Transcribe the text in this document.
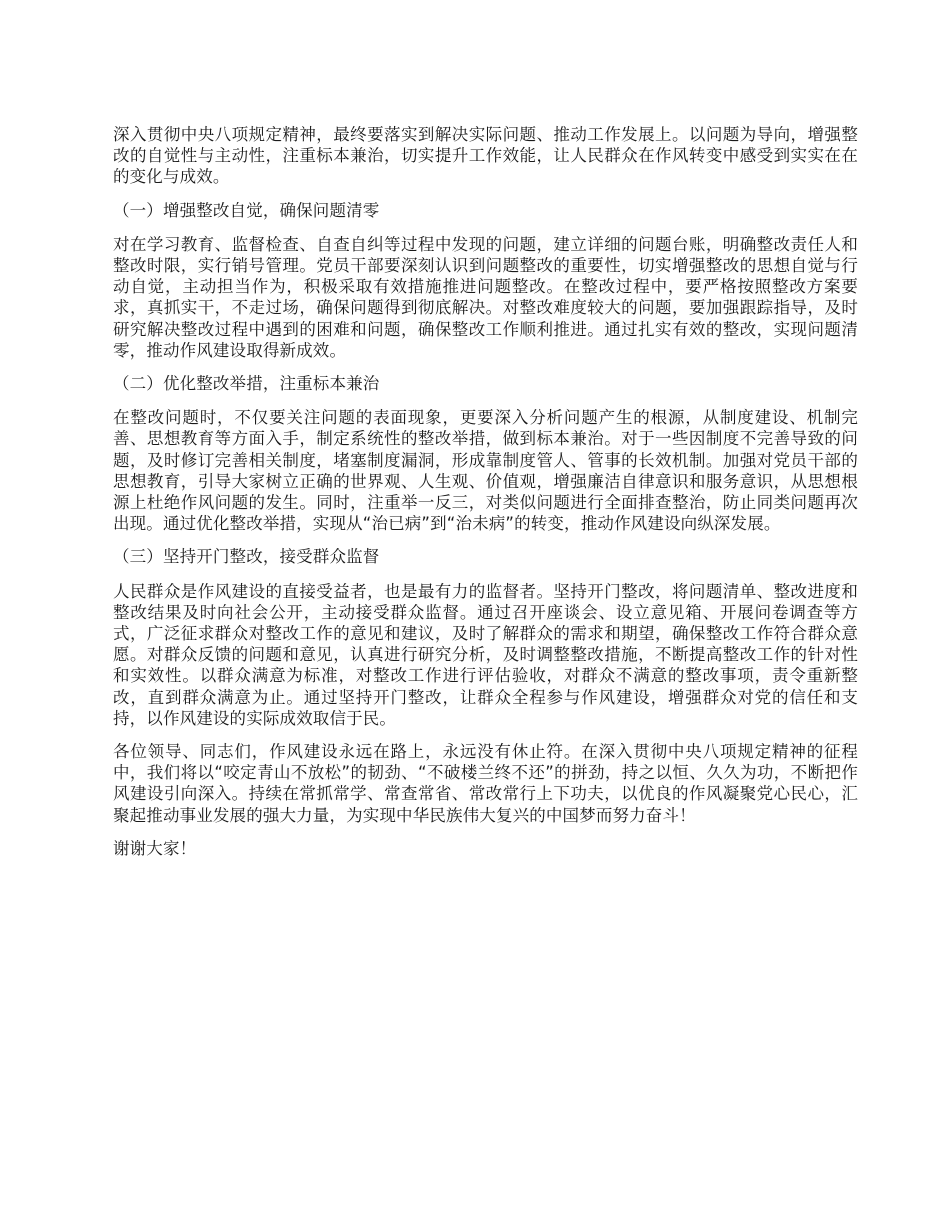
深入贯彻中央八项规定精神，最终要落实到解决实际问题、推动工作发展上。以问题为导向，增强整改的自觉性与主动性，注重标本兼治，切实提升工作效能，让人民群众在作风转变中感受到实实在在的变化与成效。

（一）增强整改自觉，确保问题清零

对在学习教育、监督检查、自查自纠等过程中发现的问题，建立详细的问题台账，明确整改责任人和整改时限，实行销号管理。党员干部要深刻认识到问题整改的重要性，切实增强整改的思想自觉与行动自觉，主动担当作为，积极采取有效措施推进问题整改。在整改过程中，要严格按照整改方案要求，真抓实干，不走过场，确保问题得到彻底解决。对整改难度较大的问题，要加强跟踪指导，及时研究解决整改过程中遇到的困难和问题，确保整改工作顺利推进。通过扎实有效的整改，实现问题清零，推动作风建设取得新成效。

（二）优化整改举措，注重标本兼治

在整改问题时，不仅要关注问题的表面现象，更要深入分析问题产生的根源，从制度建设、机制完善、思想教育等方面入手，制定系统性的整改举措，做到标本兼治。对于一些因制度不完善导致的问题，及时修订完善相关制度，堵塞制度漏洞，形成靠制度管人、管事的长效机制。加强对党员干部的思想教育，引导大家树立正确的世界观、人生观、价值观，增强廉洁自律意识和服务意识，从思想根源上杜绝作风问题的发生。同时，注重举一反三，对类似问题进行全面排查整治，防止同类问题再次出现。通过优化整改举措，实现从“治已病”到“治未病”的转变，推动作风建设向纵深发展。

（三）坚持开门整改，接受群众监督

人民群众是作风建设的直接受益者，也是最有力的监督者。坚持开门整改，将问题清单、整改进度和整改结果及时向社会公开，主动接受群众监督。通过召开座谈会、设立意见箱、开展问卷调查等方式，广泛征求群众对整改工作的意见和建议，及时了解群众的需求和期望，确保整改工作符合群众意愿。对群众反馈的问题和意见，认真进行研究分析，及时调整整改措施，不断提高整改工作的针对性和实效性。以群众满意为标准，对整改工作进行评估验收，对群众不满意的整改事项，责令重新整改，直到群众满意为止。通过坚持开门整改，让群众全程参与作风建设，增强群众对党的信任和支持，以作风建设的实际成效取信于民。

各位领导、同志们，作风建设永远在路上，永远没有休止符。在深入贯彻中央八项规定精神的征程中，我们将以“咬定青山不放松”的韧劲、“不破楼兰终不还”的拼劲，持之以恒、久久为功，不断把作风建设引向深入。持续在常抓常学、常查常省、常改常行上下功夫，以优良的作风凝聚党心民心，汇聚起推动事业发展的强大力量，为实现中华民族伟大复兴的中国梦而努力奋斗！

谢谢大家！
